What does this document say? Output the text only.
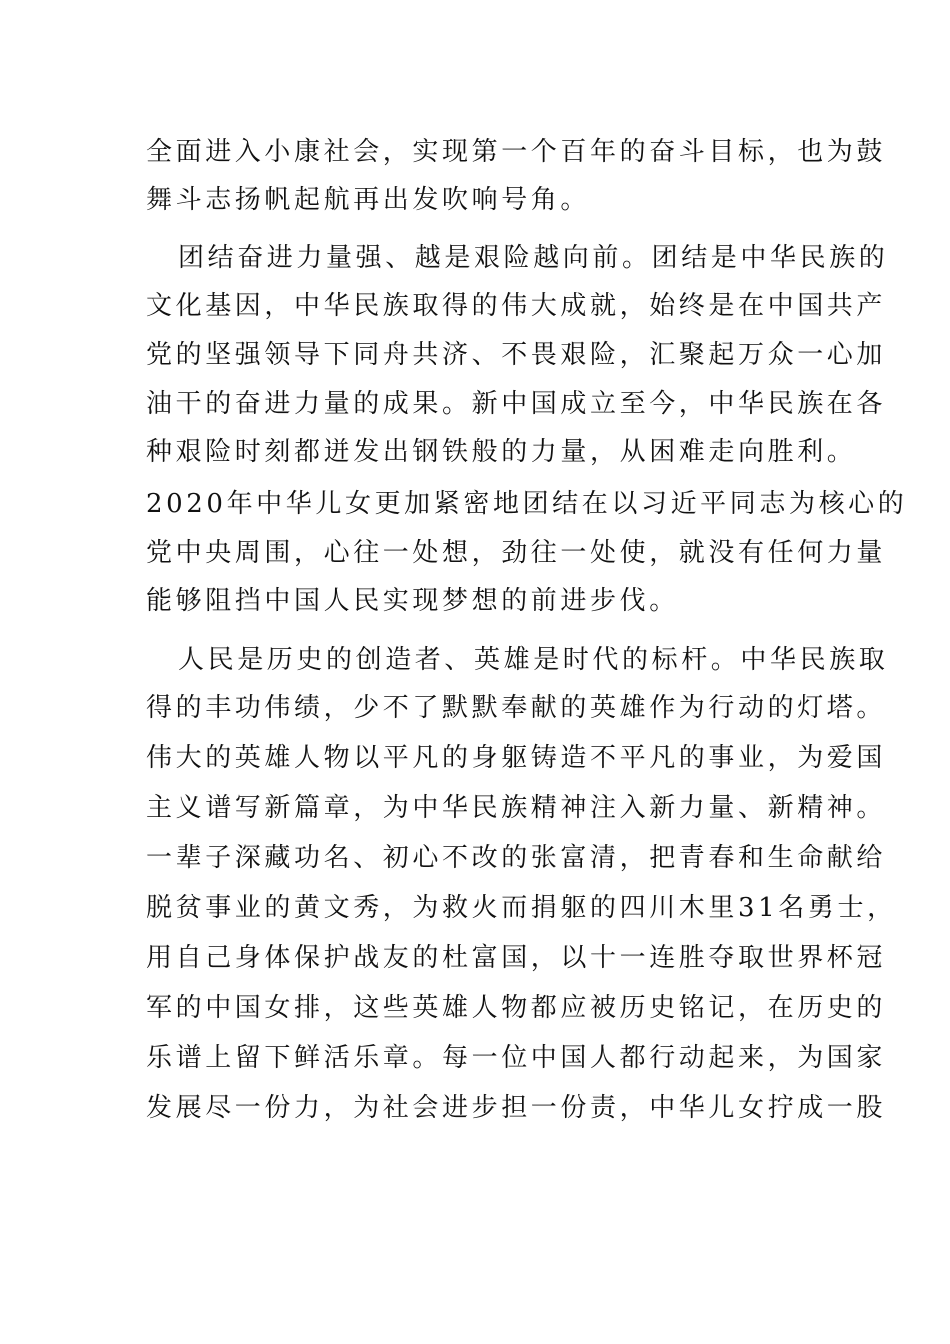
全面进入小康社会，实现第一个百年的奋斗目标，也为鼓
舞斗志扬帆起航再出发吹响号角。
团结奋进力量强、越是艰险越向前。团结是中华民族的
文化基因，中华民族取得的伟大成就，始终是在中国共产
党的坚强领导下同舟共济、不畏艰险，汇聚起万众一心加
油干的奋进力量的成果。新中国成立至今，中华民族在各
种艰险时刻都迸发出钢铁般的力量，从困难走向胜利。
2020年中华儿女更加紧密地团结在以习近平同志为核心的
党中央周围，心往一处想，劲往一处使，就没有任何力量
能够阻挡中国人民实现梦想的前进步伐。
人民是历史的创造者、英雄是时代的标杆。中华民族取
得的丰功伟绩，少不了默默奉献的英雄作为行动的灯塔。
伟大的英雄人物以平凡的身躯铸造不平凡的事业，为爱国
主义谱写新篇章，为中华民族精神注入新力量、新精神。
一辈子深藏功名、初心不改的张富清，把青春和生命献给
脱贫事业的黄文秀，为救火而捐躯的四川木里31名勇士，
用自己身体保护战友的杜富国，以十一连胜夺取世界杯冠
军的中国女排，这些英雄人物都应被历史铭记，在历史的
乐谱上留下鲜活乐章。每一位中国人都行动起来，为国家
发展尽一份力，为社会进步担一份责，中华儿女拧成一股
